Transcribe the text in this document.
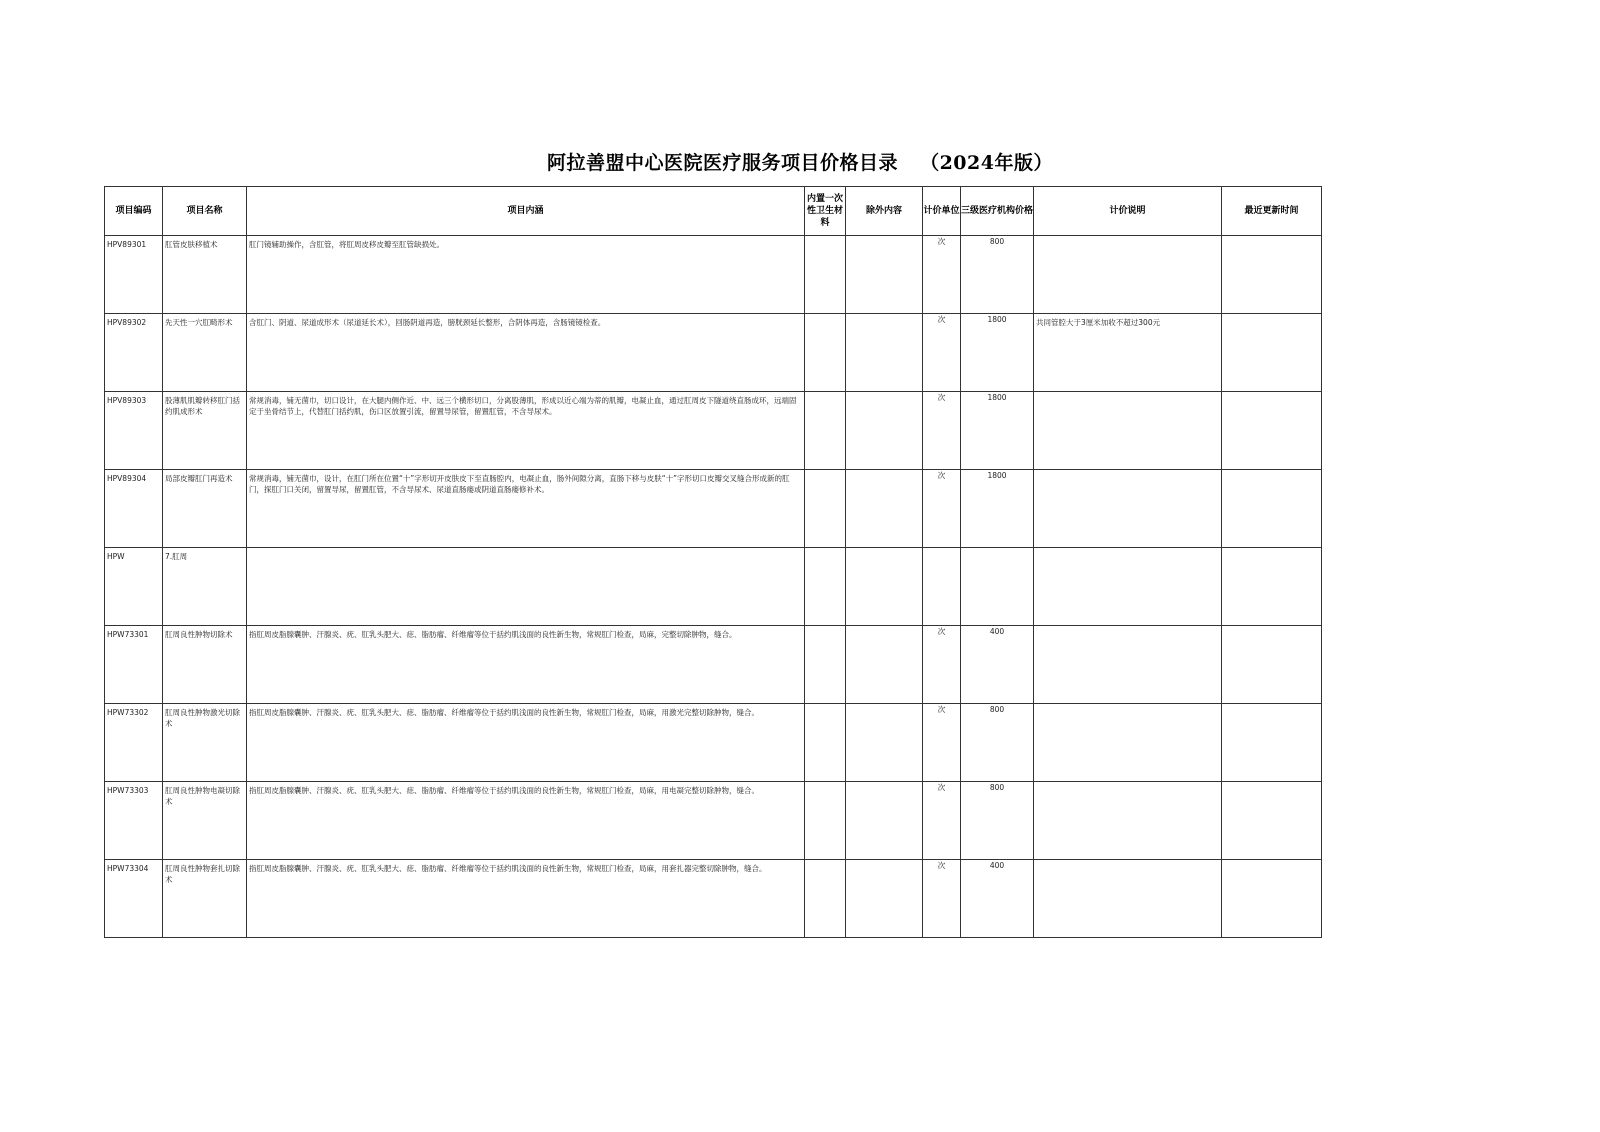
阿拉善盟中心医院医疗服务项目价格目录 （2024年版）
项目编码	项目名称	项目内涵	内置一次性卫生材料	除外内容	计价单位	三级医疗机构价格	计价说明	最近更新时间

HPV89301	肛管皮肤移植术	肛门镜辅助操作，含肛管，将肛周皮移皮瓣至肛管缺损处。			次	800	

HPV89302	先天性一穴肛畸形术	含肛门、阴道、尿道成形术（尿道延长术），回肠阴道再造，膀胱颈延长整形，合阴体再造，含肠镜镜检查。			次	1800	共同管腔大于3厘米加收不超过300元	

HPV89303	股薄肌肌瓣转移肛门括约肌成形术	常规消毒，铺无菌巾，切口设计，在大腿内侧作近、中、远三个横形切口，分离股薄肌，形成以近心端为蒂的肌瓣，电凝止血，通过肛周皮下隧道绕直肠成环，远端固定于坐骨结节上，代替肛门括约肌，伤口区放置引流，留置导尿管，留置肛管，不含导尿术。			次	1800	

HPV89304	局部皮瓣肛门再造术	常规消毒，铺无菌巾，设计，在肛门所在位置“十”字形切开皮肤皮下至直肠腔内，电凝止血，肠外间隙分离，直肠下移与皮肤“十”字形切口皮瓣交叉缝合形成新的肛门，探肛门口关闭，留置导尿，留置肛管，不含导尿术、尿道直肠瘘或阴道直肠瘘修补术。			次	1800	

HPW	7.肛周							

HPW73301	肛周良性肿物切除术	指肛周皮脂腺囊肿、汗腺炎、疣、肛乳头肥大、痣、脂肪瘤、纤维瘤等位于括约肌浅面的良性新生物，常规肛门检查，局麻，完整切除肿物，缝合。			次	400	

HPW73302	肛周良性肿物激光切除术	指肛周皮脂腺囊肿、汗腺炎、疣、肛乳头肥大、痣、脂肪瘤、纤维瘤等位于括约肌浅面的良性新生物，常规肛门检查，局麻，用激光完整切除肿物，缝合。			次	800	

HPW73303	肛周良性肿物电凝切除术	指肛周皮脂腺囊肿、汗腺炎、疣、肛乳头肥大、痣、脂肪瘤、纤维瘤等位于括约肌浅面的良性新生物，常规肛门检查，局麻，用电凝完整切除肿物，缝合。			次	800	

HPW73304	肛周良性肿物套扎切除术	指肛周皮脂腺囊肿、汗腺炎、疣、肛乳头肥大、痣、脂肪瘤、纤维瘤等位于括约肌浅面的良性新生物，常规肛门检查，局麻，用套扎器完整切除肿物，缝合。			次	400	
